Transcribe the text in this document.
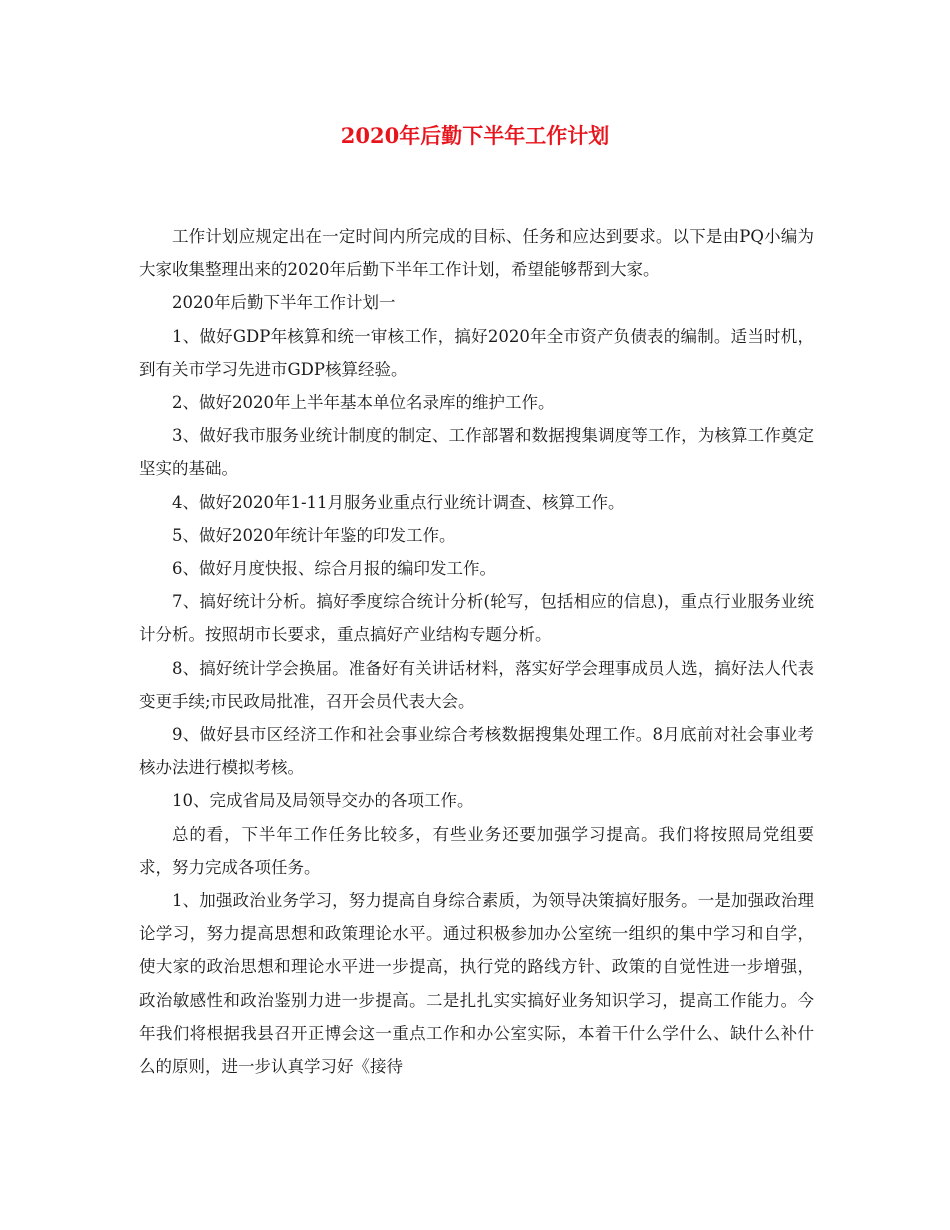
2020年后勤下半年工作计划

工作计划应规定出在一定时间内所完成的目标、任务和应达到要求。以下是由PQ小编为大家收集整理出来的2020年后勤下半年工作计划，希望能够帮到大家。

2020年后勤下半年工作计划一

1、做好GDP年核算和统一审核工作，搞好2020年全市资产负债表的编制。适当时机，到有关市学习先进市GDP核算经验。

2、做好2020年上半年基本单位名录库的维护工作。

3、做好我市服务业统计制度的制定、工作部署和数据搜集调度等工作，为核算工作奠定坚实的基础。

4、做好2020年1-11月服务业重点行业统计调查、核算工作。

5、做好2020年统计年鉴的印发工作。

6、做好月度快报、综合月报的编印发工作。

7、搞好统计分析。搞好季度综合统计分析(轮写，包括相应的信息)，重点行业服务业统计分析。按照胡市长要求，重点搞好产业结构专题分析。

8、搞好统计学会换届。准备好有关讲话材料，落实好学会理事成员人选，搞好法人代表变更手续;市民政局批准，召开会员代表大会。

9、做好县市区经济工作和社会事业综合考核数据搜集处理工作。8月底前对社会事业考核办法进行模拟考核。

10、完成省局及局领导交办的各项工作。

总的看，下半年工作任务比较多，有些业务还要加强学习提高。我们将按照局党组要求，努力完成各项任务。

1、加强政治业务学习，努力提高自身综合素质，为领导决策搞好服务。一是加强政治理论学习，努力提高思想和政策理论水平。通过积极参加办公室统一组织的集中学习和自学，使大家的政治思想和理论水平进一步提高，执行党的路线方针、政策的自觉性进一步增强，政治敏感性和政治鉴别力进一步提高。二是扎扎实实搞好业务知识学习，提高工作能力。今年我们将根据我县召开正博会这一重点工作和办公室实际，本着干什么学什么、缺什么补什么的原则，进一步认真学习好《接待
